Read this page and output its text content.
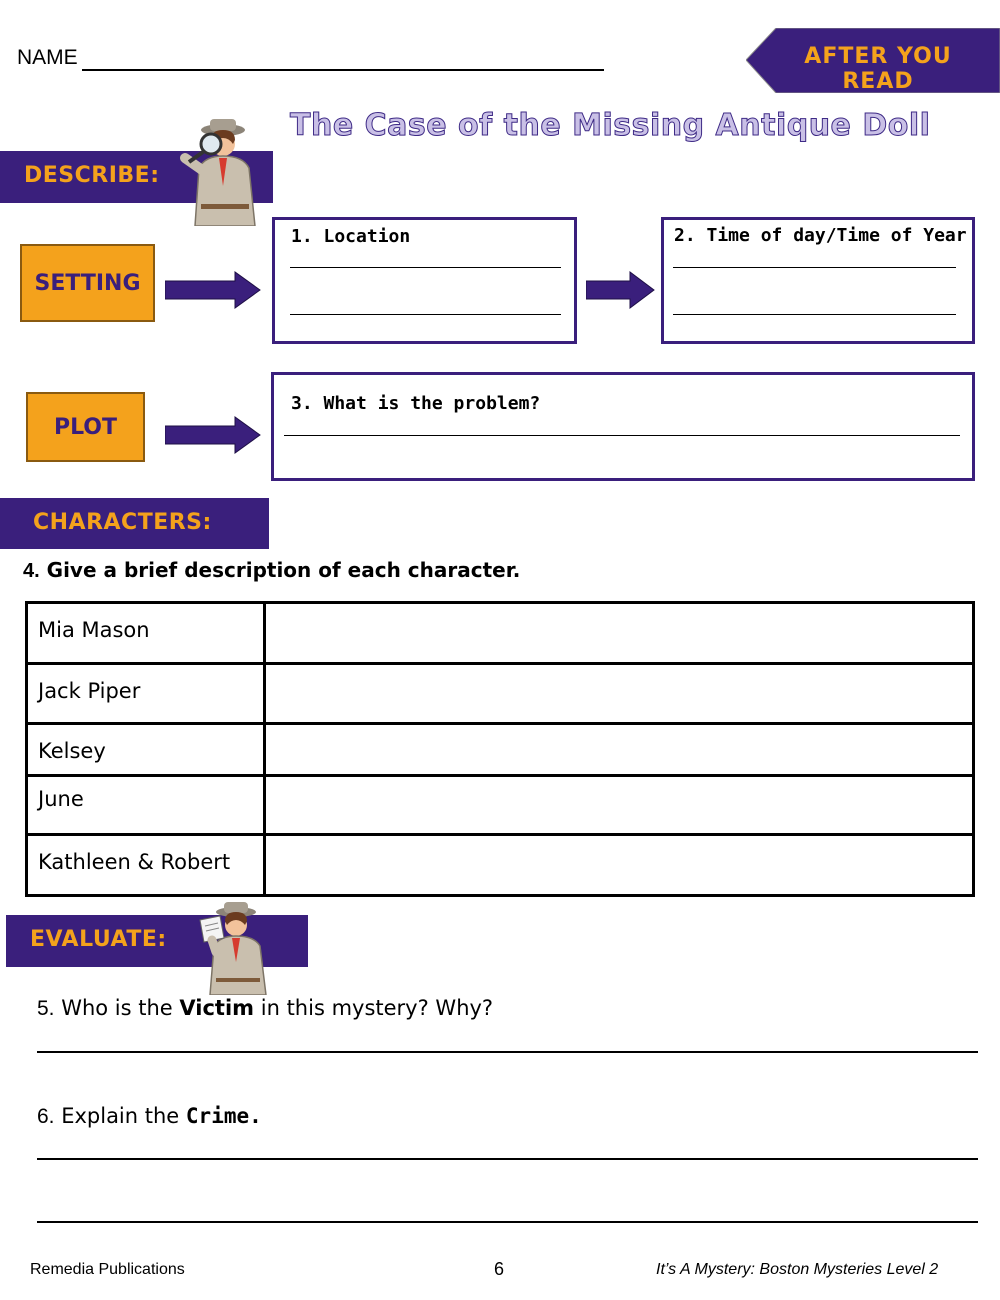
NAME	AFTER YOU READ
The Case of the Missing Antique Doll
DESCRIBE:
SETTING
1. Location	2. Time of day/Time of Year
PLOT
3. What is the problem?
CHARACTERS:
4. Give a brief description of each character.
Mia Mason	
Jack Piper	
Kelsey	
June	
Kathleen & Robert	
EVALUATE:
5. Who is the Victim in this mystery? Why?
6. Explain the Crime.
Remedia Publications	6	It’s A Mystery: Boston Mysteries Level 2
